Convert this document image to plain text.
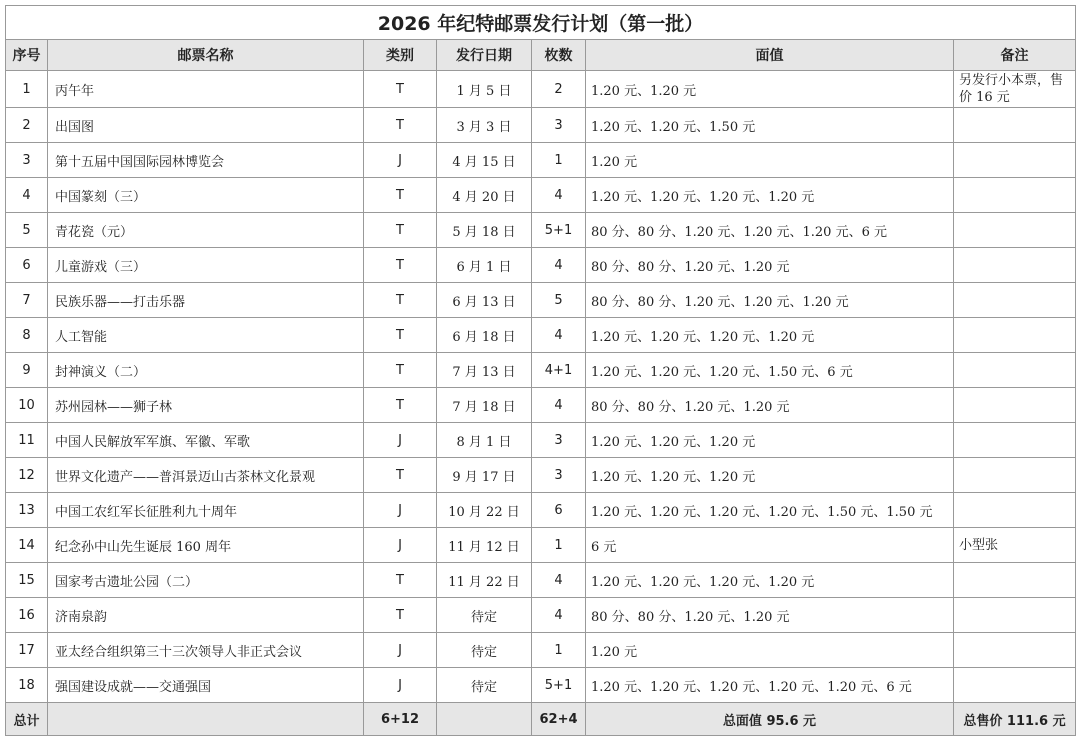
2026 年纪特邮票发行计划（第一批）						
序号	邮票名称	类别	发行日期	枚数	面值	备注
1	丙午年	T	1 月 5 日	2	1.20 元、1.20 元	另发行小本票，售价 16 元
2	出国图	T	3 月 3 日	3	1.20 元、1.20 元、1.50 元	
3	第十五届中国国际园林博览会	J	4 月 15 日	1	1.20 元	
4	中国篆刻（三）	T	4 月 20 日	4	1.20 元、1.20 元、1.20 元、1.20 元	
5	青花瓷（元）	T	5 月 18 日	5+1	80 分、80 分、1.20 元、1.20 元、1.20 元、6 元	
6	儿童游戏（三）	T	6 月 1 日	4	80 分、80 分、1.20 元、1.20 元	
7	民族乐器——打击乐器	T	6 月 13 日	5	80 分、80 分、1.20 元、1.20 元、1.20 元	
8	人工智能	T	6 月 18 日	4	1.20 元、1.20 元、1.20 元、1.20 元	
9	封神演义（二）	T	7 月 13 日	4+1	1.20 元、1.20 元、1.20 元、1.50 元、6 元	
10	苏州园林——狮子林	T	7 月 18 日	4	80 分、80 分、1.20 元、1.20 元	
11	中国人民解放军军旗、军徽、军歌	J	8 月 1 日	3	1.20 元、1.20 元、1.20 元	
12	世界文化遗产——普洱景迈山古茶林文化景观	T	9 月 17 日	3	1.20 元、1.20 元、1.20 元	
13	中国工农红军长征胜利九十周年	J	10 月 22 日	6	1.20 元、1.20 元、1.20 元、1.20 元、1.50 元、1.50 元	
14	纪念孙中山先生诞辰 160 周年	J	11 月 12 日	1	6 元	小型张
15	国家考古遗址公园（二）	T	11 月 22 日	4	1.20 元、1.20 元、1.20 元、1.20 元	
16	济南泉韵	T	待定	4	80 分、80 分、1.20 元、1.20 元	
17	亚太经合组织第三十三次领导人非正式会议	J	待定	1	1.20 元	
18	强国建设成就——交通强国	J	待定	5+1	1.20 元、1.20 元、1.20 元、1.20 元、1.20 元、6 元	
总计		6+12		62+4	总面值 95.6 元	总售价 111.6 元
